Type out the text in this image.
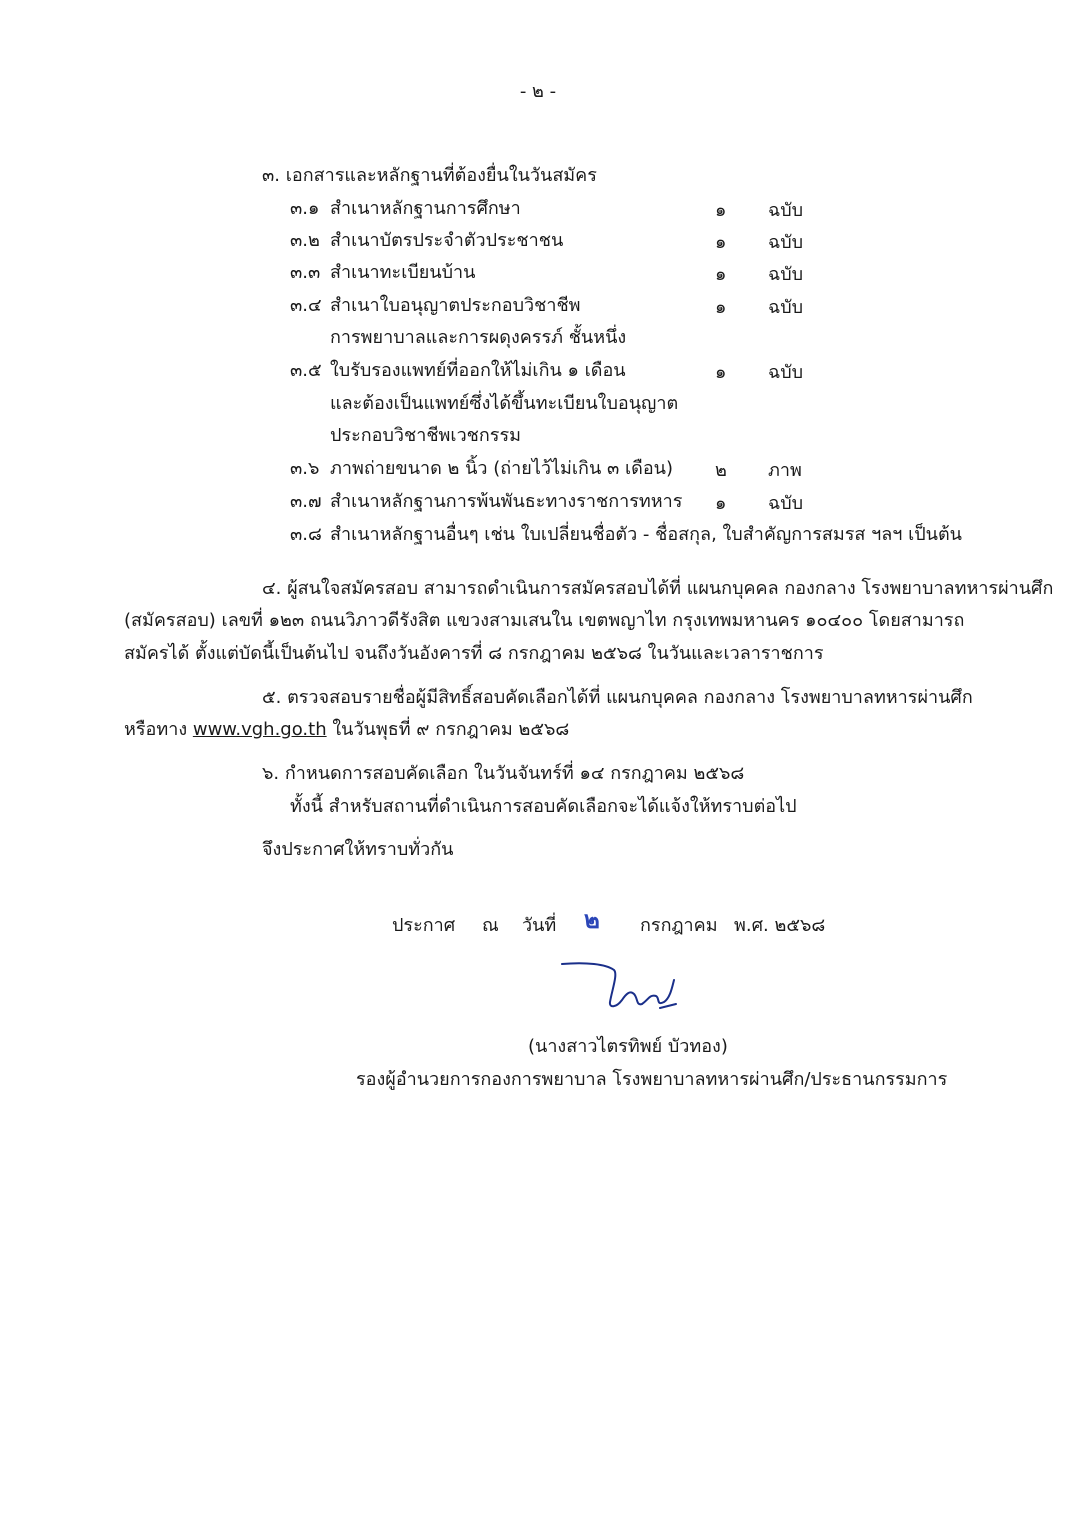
- ๒ -
๓. เอกสารและหลักฐานที่ต้องยื่นในวันสมัคร
๓.๑ สำเนาหลักฐานการศึกษา	๑ ฉบับ
๓.๒ สำเนาบัตรประจำตัวประชาชน	๑ ฉบับ
๓.๓ สำเนาทะเบียนบ้าน	๑ ฉบับ
๓.๔ สำเนาใบอนุญาตประกอบวิชาชีพ
การพยาบาลและการผดุงครรภ์ ชั้นหนึ่ง
๑ ฉบับ
๓.๕ ใบรับรองแพทย์ที่ออกให้ไม่เกิน ๑ เดือน
และต้องเป็นแพทย์ซึ่งได้ขึ้นทะเบียนใบอนุญาต
ประกอบวิชาชีพเวชกรรม
๑ ฉบับ
๓.๖ ภาพถ่ายขนาด ๒ นิ้ว (ถ่ายไว้ไม่เกิน ๓ เดือน) ๒ ภาพ
๓.๗ สำเนาหลักฐานการพ้นพันธะทางราชการทหาร ๑ ฉบับ
๓.๘ สำเนาหลักฐานอื่นๆ เช่น ใบเปลี่ยนชื่อตัว - ชื่อสกุล, ใบสำคัญการสมรส ฯลฯ เป็นต้น
๔. ผู้สนใจสมัครสอบ สามารถดำเนินการสมัครสอบได้ที่ แผนกบุคคล กองกลาง โรงพยาบาลทหารผ่านศึก
(สมัครสอบ) เลขที่ ๑๒๓ ถนนวิภาวดีรังสิต แขวงสามเสนใน เขตพญาไท กรุงเทพมหานคร ๑๐๔๐๐ โดยสามารถ
สมัครได้ ตั้งแต่บัดนี้เป็นต้นไป จนถึงวันอังคารที่ ๘ กรกฎาคม ๒๕๖๘ ในวันและเวลาราชการ
๕. ตรวจสอบรายชื่อผู้มีสิทธิ์สอบคัดเลือกได้ที่ แผนกบุคคล กองกลาง โรงพยาบาลทหารผ่านศึก
หรือทาง www.vgh.go.th ในวันพุธที่ ๙ กรกฎาคม ๒๕๖๘
๖. กำหนดการสอบคัดเลือก ในวันจันทร์ที่ ๑๔ กรกฎาคม ๒๕๖๘
ทั้งนี้ สำหรับสถานที่ดำเนินการสอบคัดเลือกจะได้แจ้งให้ทราบต่อไป
จึงประกาศให้ทราบทั่วกัน
ประกาศ ณ วันที่ ๒ กรกฎาคม พ.ศ. ๒๕๖๘
(นางสาวไตรทิพย์ บัวทอง)
รองผู้อำนวยการกองการพยาบาล โรงพยาบาลทหารผ่านศึก/ประธานกรรมการ
